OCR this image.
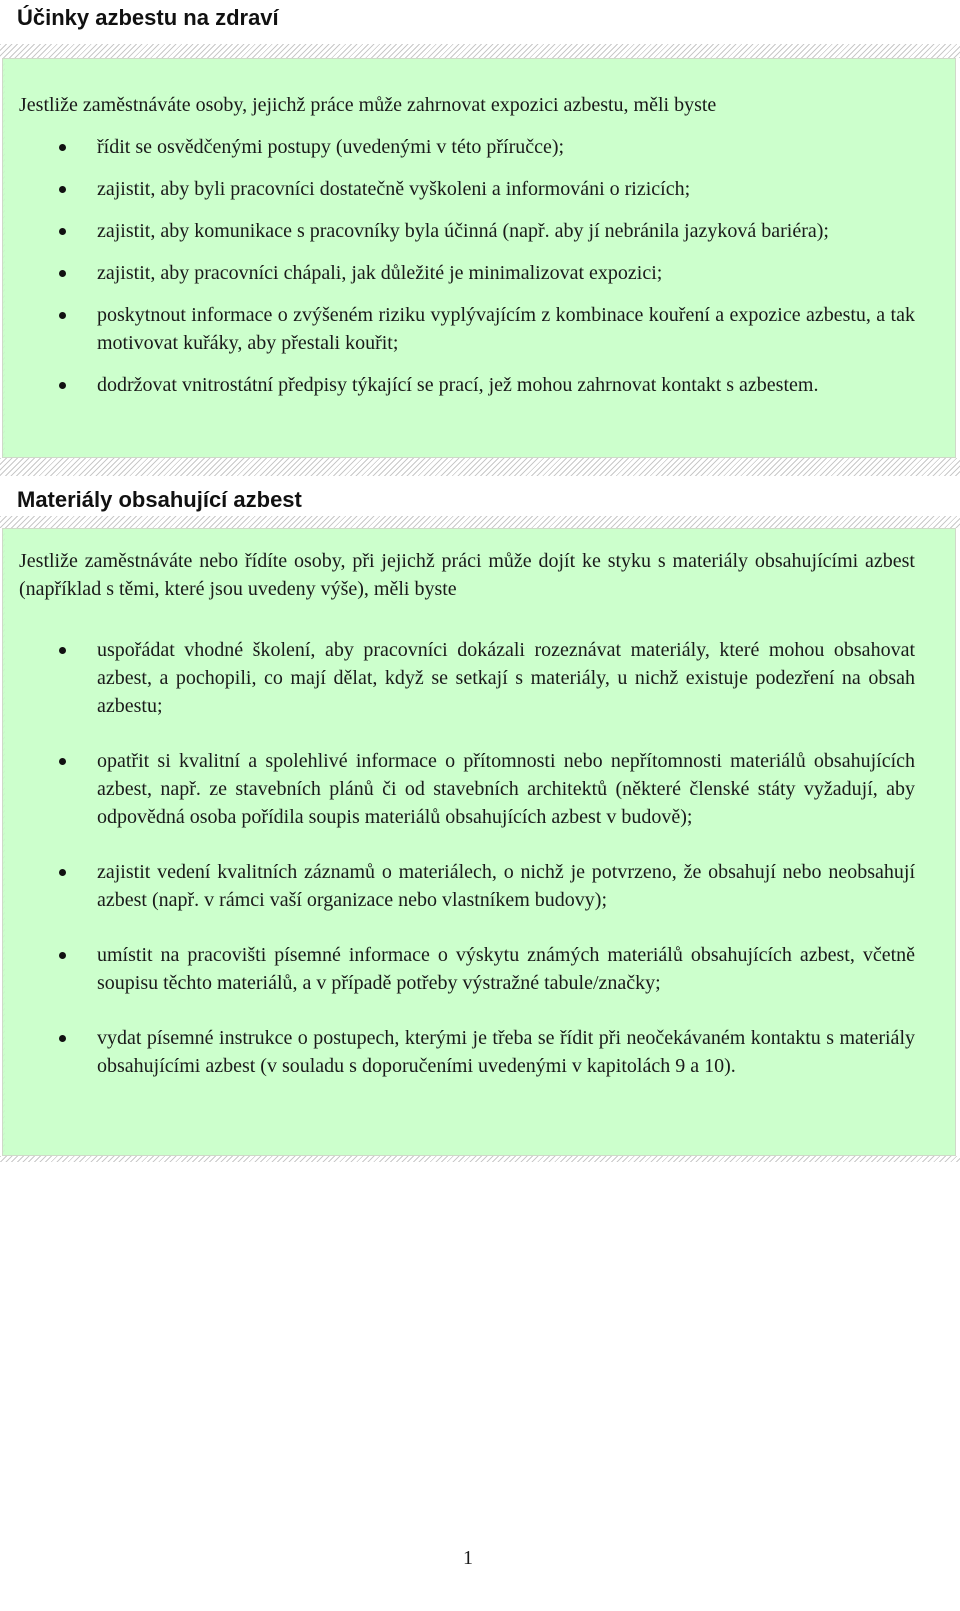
Účinky azbestu na zdraví

Jestliže zaměstnáváte osoby, jejichž práce může zahrnovat expozici azbestu, měli byste

řídit se osvědčenými postupy (uvedenými v této příručce);
zajistit, aby byli pracovníci dostatečně vyškoleni a informováni o rizicích;
zajistit, aby komunikace s pracovníky byla účinná (např. aby jí nebránila jazyková bariéra);
zajistit, aby pracovníci chápali, jak důležité je minimalizovat expozici;
poskytnout informace o zvýšeném riziku vyplývajícím z kombinace kouření a expozice azbestu, a tak motivovat kuřáky, aby přestali kouřit;
dodržovat vnitrostátní předpisy týkající se prací, jež mohou zahrnovat kontakt s azbestem.
Materiály obsahující azbest

Jestliže zaměstnáváte nebo řídíte osoby, při jejichž práci může dojít ke styku s materiály obsahujícími azbest (například s těmi, které jsou uvedeny výše), měli byste

uspořádat vhodné školení, aby pracovníci dokázali rozeznávat materiály, které mohou obsahovat azbest, a pochopili, co mají dělat, když se setkají s materiály, u nichž existuje podezření na obsah azbestu;
opatřit si kvalitní a spolehlivé informace o přítomnosti nebo nepřítomnosti materiálů obsahujících azbest, např. ze stavebních plánů či od stavebních architektů (některé členské státy vyžadují, aby odpovědná osoba pořídila soupis materiálů obsahujících azbest v budově);
zajistit vedení kvalitních záznamů o materiálech, o nichž je potvrzeno, že obsahují nebo neobsahují azbest (např. v rámci vaší organizace nebo vlastníkem budovy);
umístit na pracovišti písemné informace o výskytu známých materiálů obsahujících azbest, včetně soupisu těchto materiálů, a v případě potřeby výstražné tabule/značky;
vydat písemné instrukce o postupech, kterými je třeba se řídit při neočekávaném kontaktu s materiály obsahujícími azbest (v souladu s doporučeními uvedenými v kapitolách 9 a 10).
1
